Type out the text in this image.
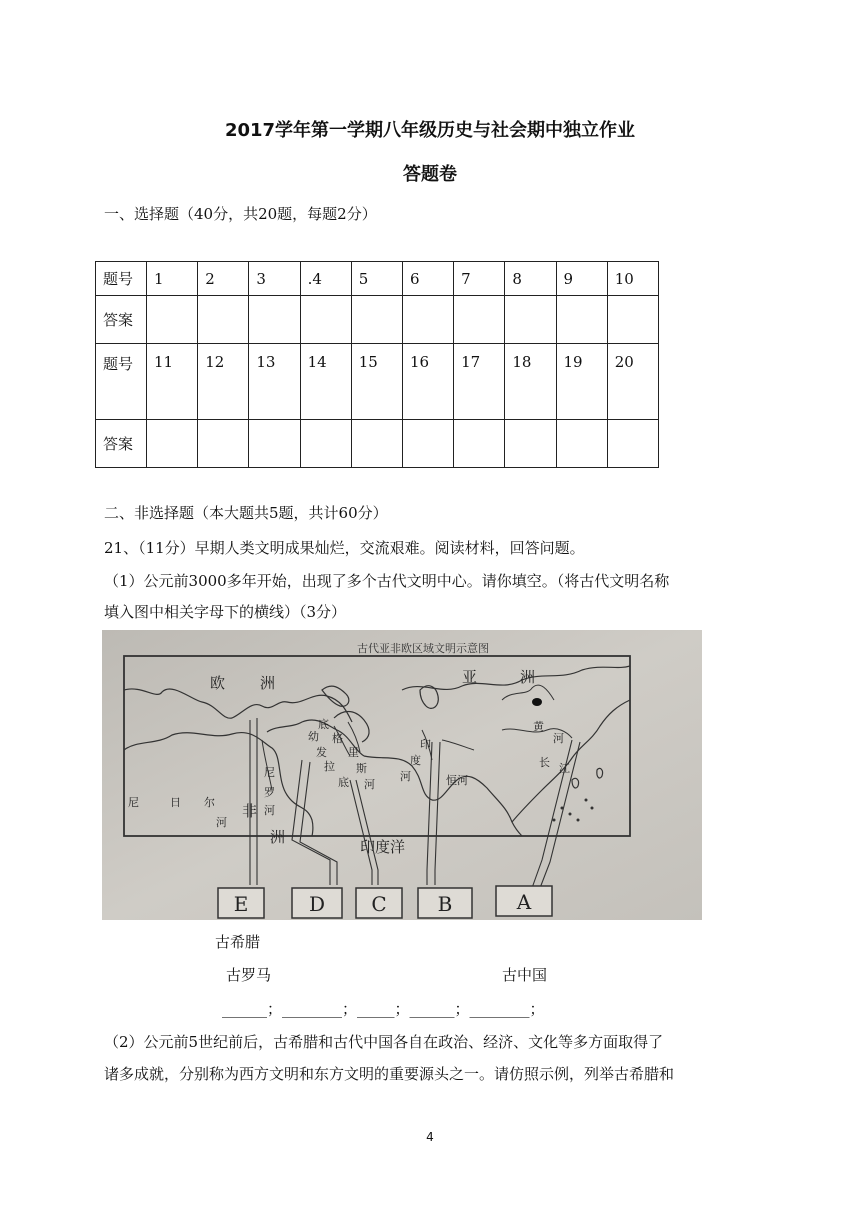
2017学年第一学期八年级历史与社会期中独立作业
答题卷
一、选择题（40分，共20题，每题2分）
题号	1	2	3	.4	5	6	7	8	9	10
答案										
题号	11	12	13	14	15	16	17	18	19	20
答案										
二、非选择题（本大题共5题，共计60分）
21、（11分）早期人类文明成果灿烂，交流艰难。阅读材料，回答问题。
（1）公元前3000多年开始，出现了多个古代文明中心。请你填空。（将古代文明名称
填入图中相关字母下的横线）（3分）
古代亚非欧区域文明示意图
欧 洲	亚	洲
非
洲
印度洋
黄
河
长 江
印
度
河	恒河
尼
罗
河
尼	日 尔
河
幼
发
拉
底
底
格
里
斯
河
E	D C	B	A
古希腊
古罗马	古中国
______；________；_____；______；________；
（2）公元前5世纪前后，古希腊和古代中国各自在政治、经济、文化等多方面取得了
诸多成就，分别称为西方文明和东方文明的重要源头之一。请仿照示例，列举古希腊和
4
